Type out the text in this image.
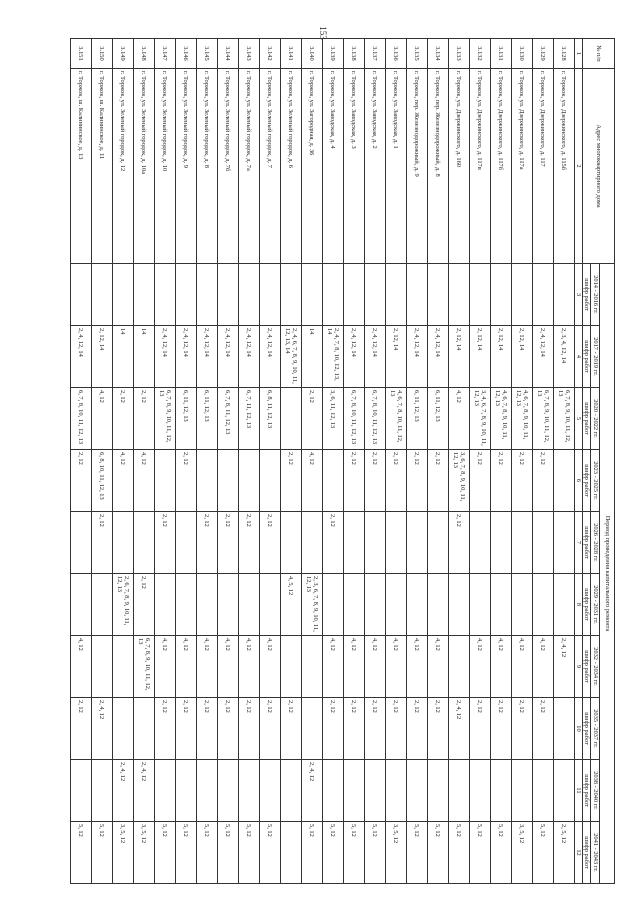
153
№ п/п	Адрес многоквартирного дома	Период проведения капитального ремонта									
		2014 - 2016 гг.	2017 - 2019 гг.	2020 - 2022 гг.	2023 - 2025 гг.	2026 - 2028 гг.	2029 - 2031 гг.	2032 - 2034 гг.	2035 - 2037 гг.	2038 - 2040 гг.	2041 - 2043 гг.
		шифр работ	шифр работ	шифр работ	шифр работ	шифр работ	шифр работ	шифр работ	шифр работ	шифр работ	шифр работ
1	2	3	4	5	6	7	8	9	10	11	12
3.128	г. Торжок, ул. Дзержинского, д. 115б		2, 3, 4, 12, 14	6, 7, 8, 9, 10, 11, 12, 13				2, 4, 12			2, 5, 12
3.129	г. Торжок, ул. Дзержинского, д. 117		2, 4, 12, 14	6, 7, 8, 9, 10, 11, 12, 13	2, 12			4, 12	2, 12		5, 12
3.130	г. Торжок, ул. Дзержинского, д. 117а		2, 12, 14	4, 6, 7, 8, 9, 10, 11, 12, 13	2, 12			4, 12	2, 12		3, 5, 12
3.131	г. Торжок, ул. Дзержинского, д. 117б		2, 12, 14	4, 6, 7, 8, 9, 10, 11, 12, 13	2, 12			4, 12	2, 12		5, 12
3.132	г. Торжок, ул. Дзержинского, д. 117в		2, 12, 14	3, 4, 6, 7, 8, 9, 10, 11, 12, 13	2, 12			4, 12	2, 12		5, 12
3.133	г. Торжок, ул. Дзержинского, д. 160		2, 12, 14	4, 12	3, 6, 7, 8, 9, 10, 11, 12, 13	2, 12			2, 4, 12		5, 12
3.134	г. Торжок, пер. Железнодорожный, д. 8		2, 4, 12, 14	6, 11, 12, 13	2, 12			4, 12	2, 12		5, 12
3.135	г. Торжок, пер. Железнодорожный, д. 9		2, 4, 12, 14	6, 11, 12, 13	2, 12			4, 12	2, 12		5, 12
3.136	г. Торжок, ул. Заводская, д. 1		2, 12, 14	4, 6, 7, 8, 10, 11, 12, 13	2, 12			4, 12	2, 12		3, 5, 12
3.137	г. Торжок, ул. Заводская, д. 2		2, 4, 12, 14	6, 7, 8, 10, 11, 12, 13	2, 12			4, 12	2, 12		5, 12
3.138	г. Торжок, ул. Заводская, д. 3		2, 4, 12, 14	6, 7, 8, 10, 11, 12, 13	2, 12			4, 12	2, 12		5, 12
3.139	г. Торжок, ул. Заводская, д. 4		2, 4, 7, 8, 10, 12, 13, 14	3, 6, 11, 12, 13		2, 12		4, 12	2, 12		5, 12
3.140	г. Торжок, ул. Загородная, д. 36		14	2, 12	4, 12		2, 3, 6, 7, 8, 9, 10, 11, 12, 13			2, 4, 12	5, 12
3.141	г. Торжок, ул. Зеленый городок, д. 6		2, 4, 6, 7, 8, 9, 10, 11, 12, 13, 14		2, 12		4, 5, 12		2, 12		
3.142	г. Торжок, ул. Зеленый городок, д. 7		2, 4, 12, 14	6, 8, 11, 12, 13		2, 12		4, 12	2, 12		5, 12
3.143	г. Торжок, ул. Зеленый городок, д. 7а		2, 4, 12, 14	6, 7, 11, 12, 13		2, 12		4, 12	2, 12		5, 12
3.144	г. Торжок, ул. Зеленый городок, д. 7б		2, 4, 12, 14	6, 7, 8, 11, 12, 13		2, 12		4, 12	2, 12		5, 12
3.145	г. Торжок, ул. Зеленый городок, д. 8		2, 4, 12, 14	6, 11, 12, 13		2, 12		4, 12	2, 12		5, 12
3.146	г. Торжок, ул. Зеленый городок, д. 9		2, 4, 12, 14	6, 11, 12, 13	2, 12			4, 12	2, 12		5, 12
3.147	г. Торжок, ул. Зеленый городок, д. 10		2, 4, 12, 14	6, 7, 8, 9, 10, 11, 12, 13		2, 12		4, 12	2, 12		5, 12
3.148	г. Торжок, ул. Зеленый городок, д. 10а		14	2, 12	4, 12		2, 12	6, 7, 8, 9, 10, 11, 12, 13		2, 4, 12	3, 5, 12
3.149	г. Торжок, ул. Зеленый городок, д. 12		14	2, 12	4, 12		2, 6, 7, 8, 9, 10, 11, 12, 13			2, 4, 12	3, 5, 12
3.150	г. Торжок, ш. Калининское, д. 11		2, 12, 14	4, 12	6, 8, 10, 11, 12, 13	2, 12			2, 4, 12		5, 12
3.151	г. Торжок, ш. Калининское, д. 13		2, 4, 12, 14	6, 7, 8, 10, 11, 12, 13	2, 12			4, 12	2, 12		5, 12
